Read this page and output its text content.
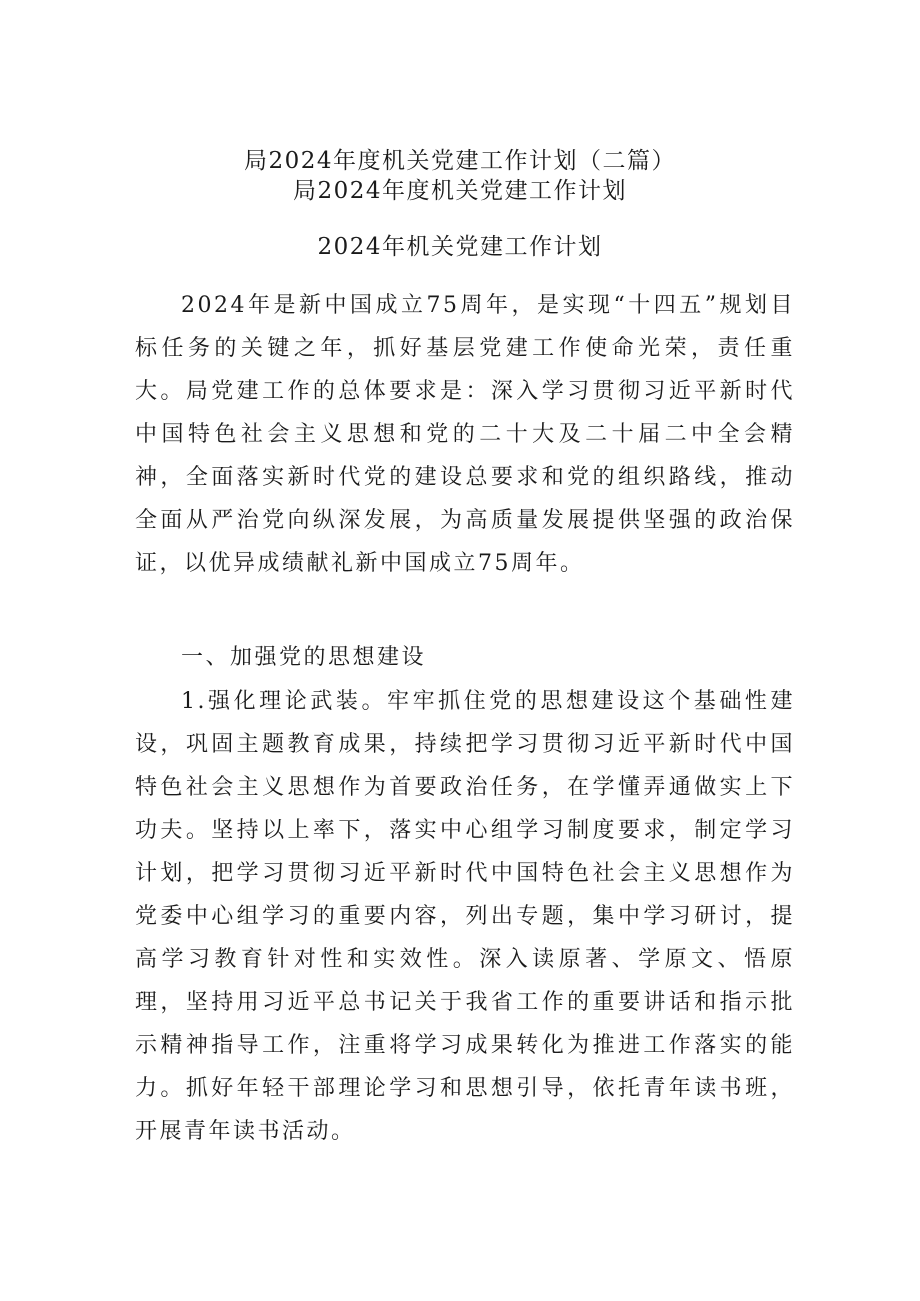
局2024年度机关党建工作计划（二篇）
局2024年度机关党建工作计划
2024年机关党建工作计划

2024年是新中国成立75周年，是实现“十四五”规划目标任务的关键之年，抓好基层党建工作使命光荣，责任重大。局党建工作的总体要求是：深入学习贯彻习近平新时代中国特色社会主义思想和党的二十大及二十届二中全会精神，全面落实新时代党的建设总要求和党的组织路线，推动全面从严治党向纵深发展，为高质量发展提供坚强的政治保证，以优异成绩献礼新中国成立75周年。

一、加强党的思想建设

1.强化理论武装。牢牢抓住党的思想建设这个基础性建设，巩固主题教育成果，持续把学习贯彻习近平新时代中国特色社会主义思想作为首要政治任务，在学懂弄通做实上下功夫。坚持以上率下，落实中心组学习制度要求，制定学习计划，把学习贯彻习近平新时代中国特色社会主义思想作为党委中心组学习的重要内容，列出专题，集中学习研讨，提高学习教育针对性和实效性。深入读原著、学原文、悟原理，坚持用习近平总书记关于我省工作的重要讲话和指示批示精神指导工作，注重将学习成果转化为推进工作落实的能力。抓好年轻干部理论学习和思想引导，依托青年读书班，开展青年读书活动。
